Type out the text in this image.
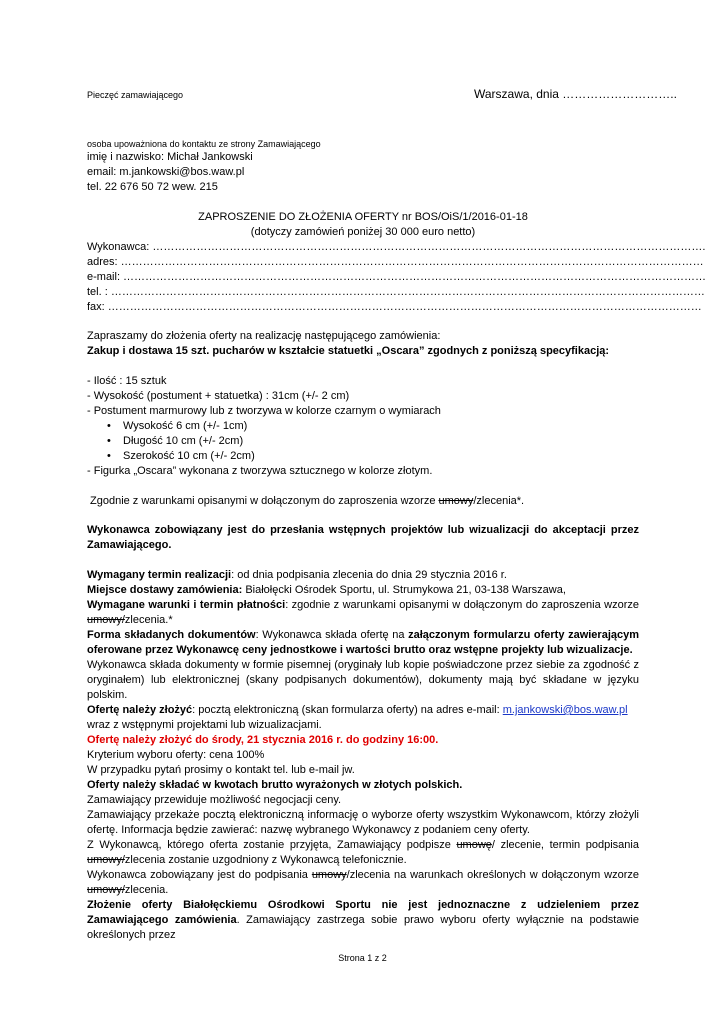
Pieczęć zamawiającego	Warszawa, dnia ………………………..
osoba upoważniona do kontaktu ze strony Zamawiającego
imię i nazwisko: Michał Jankowski
email: m.jankowski@bos.waw.pl
tel. 22 676 50 72 wew. 215
ZAPROSZENIE DO ZŁOŻENIA OFERTY nr BOS/OiS/1/2016-01-18
(dotyczy zamówień poniżej 30 000 euro netto)
Wykonawca: …………………………………………………………………………………………………………………………………….
adres: ……………………………………………………………………………………………………………………………………………
e-mail: ……………………………………………………………………………………………………………………………………………
tel. : ………………………………………………………………………………………………………………………………………………
fax: ………………………………………………………………………………………………………………………………………………
Zapraszamy do złożenia oferty na realizację następującego zamówienia:
Zakup i dostawa 15 szt. pucharów w kształcie statuetki „Oscara” zgodnych z poniższą specyfikacją:
- Ilość : 15 sztuk
- Wysokość (postument + statuetka) : 31cm (+/- 2 cm)
- Postument marmurowy lub z tworzywa w kolorze czarnym o wymiarach
• Wysokość 6 cm (+/- 1cm)
• Długość 10 cm (+/- 2cm)
• Szerokość 10 cm (+/- 2cm)
- Figurka „Oscara” wykonana z tworzywa sztucznego w kolorze złotym.
Zgodnie z warunkami opisanymi w dołączonym do zaproszenia wzorze umowy/zlecenia*.
Wykonawca zobowiązany jest do przesłania wstępnych projektów lub wizualizacji do akceptacji przez Zamawiającego.
Wymagany termin realizacji: od dnia podpisania zlecenia do dnia 29 stycznia 2016 r.
Miejsce dostawy zamówienia: Białołęcki Ośrodek Sportu, ul. Strumykowa 21, 03-138 Warszawa,
Wymagane warunki i termin płatności: zgodnie z warunkami opisanymi w dołączonym do zaproszenia wzorze umowy/zlecenia.*
Forma składanych dokumentów: Wykonawca składa ofertę na załączonym formularzu oferty zawierającym oferowane przez Wykonawcę ceny jednostkowe i wartości brutto oraz wstępne projekty lub wizualizacje.
Wykonawca składa dokumenty w formie pisemnej (oryginały lub kopie poświadczone przez siebie za zgodność z oryginałem) lub elektronicznej (skany podpisanych dokumentów), dokumenty mają być składane w języku polskim.
Ofertę należy złożyć: pocztą elektroniczną (skan formularza oferty) na adres e-mail: m.jankowski@bos.waw.pl
wraz z wstępnymi projektami lub wizualizacjami.
Ofertę należy złożyć do środy, 21 stycznia 2016 r. do godziny 16:00.
Kryterium wyboru oferty: cena 100%
W przypadku pytań prosimy o kontakt tel. lub e-mail jw.
Oferty należy składać w kwotach brutto wyrażonych w złotych polskich.
Zamawiający przewiduje możliwość negocjacji ceny.
Zamawiający przekaże pocztą elektroniczną informację o wyborze oferty wszystkim Wykonawcom, którzy złożyli ofertę. Informacja będzie zawierać: nazwę wybranego Wykonawcy z podaniem ceny oferty.
Z Wykonawcą, którego oferta zostanie przyjęta, Zamawiający podpisze umowę/ zlecenie, termin podpisania umowy/zlecenia zostanie uzgodniony z Wykonawcą telefonicznie.
Wykonawca zobowiązany jest do podpisania umowy/zlecenia na warunkach określonych w dołączonym wzorze umowy/zlecenia.
Złożenie oferty Białołęckiemu Ośrodkowi Sportu nie jest jednoznaczne z udzieleniem przez Zamawiającego zamówienia. Zamawiający zastrzega sobie prawo wyboru oferty wyłącznie na podstawie określonych przez
Strona 1 z 2
